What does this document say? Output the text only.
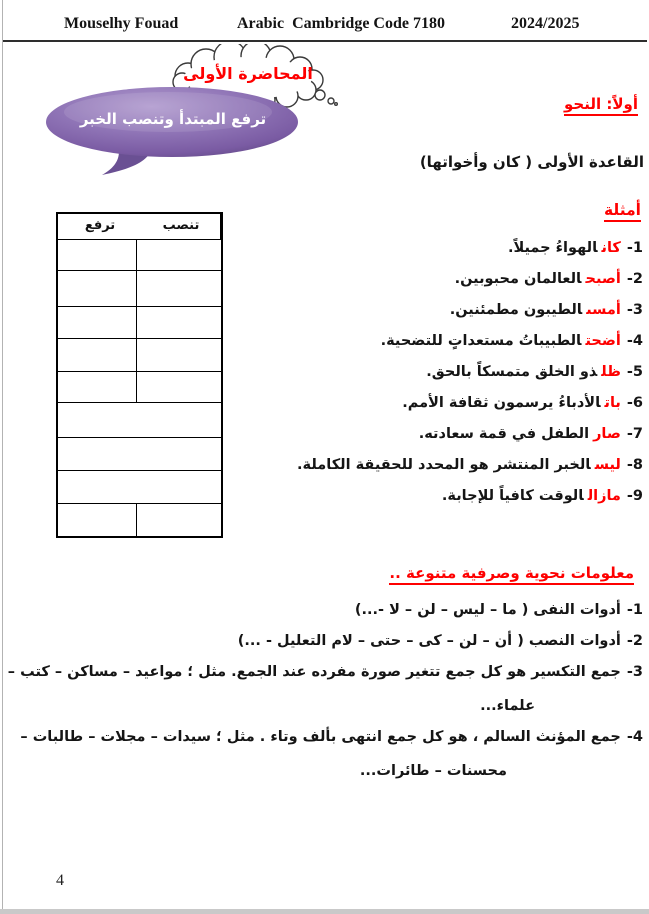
Mouselhy Fouad	Arabic  Cambridge Code 7180	2024/2025
المحاضرة الأولى
ترفع المبتدأ وتنصب الخبر
أولاً: النحو
القاعدة الأولى ( كان وأخواتها)
أمثلة
تنصب
ترفع
1-كانالهواءُ جميلاً.
2-أصبحالعالمان محبوبين.
3-أمسىالطيبون مطمئنين.
4-أضحتالطبيباتُ مستعداتٍ للتضحية.
5-ظلذو الخلق متمسكاً بالحق.
6-باتالأدباءُ يرسمون ثقافة الأمم.
7-صارالطفل في قمة سعادته.
8-ليسالخبر المنتشر هو المحدد للحقيقة الكاملة.
9-مازالالوقت كافياً للإجابة.
معلومات نحوية وصرفية متنوعة ..
1-أدوات النفى ( ما – ليس – لن – لا -...)
2-أدوات النصب ( أن – لن – كى – حتى – لام التعليل - ...)
3-جمع التكسير هو كل جمع تتغير صورة مفرده عند الجمع. مثل ؛ مواعيد – مساكن – كتب –
علماء...
4-جمع المؤنث السالم ، هو كل جمع انتهى بألف وتاء . مثل ؛ سيدات – مجلات – طالبات –
محسنات – طائرات...
4
